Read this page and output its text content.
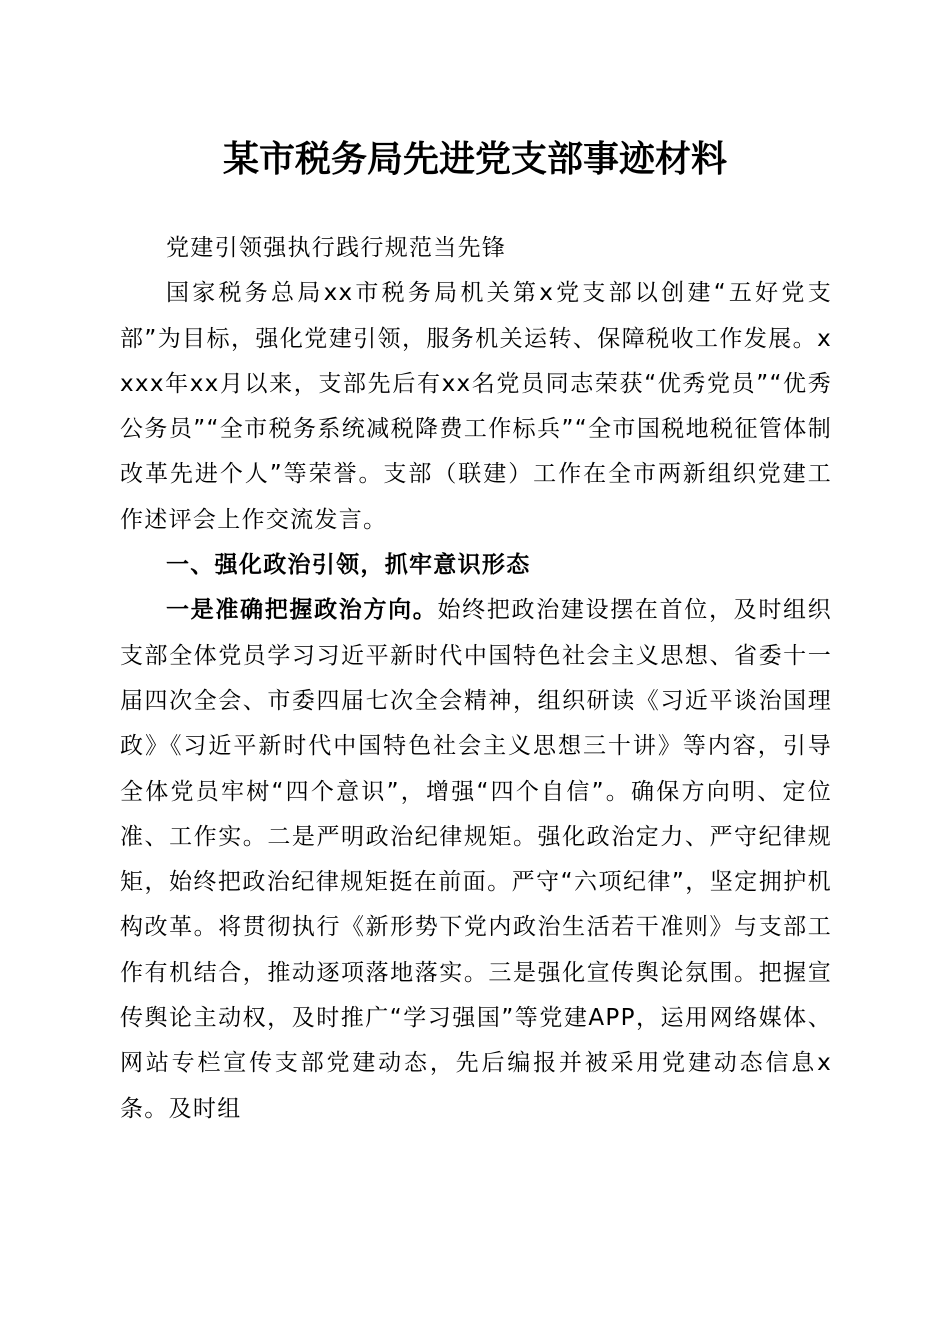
某市税务局先进党支部事迹材料

党建引领强执行践行规范当先锋

国家税务总局xx市税务局机关第x党支部以创建“五好党支部”为目标，强化党建引领，服务机关运转、保障税收工作发展。xxxx年xx月以来，支部先后有xx名党员同志荣获“优秀党员”“优秀公务员”“全市税务系统减税降费工作标兵”“全市国税地税征管体制改革先进个人”等荣誉。支部（联建）工作在全市两新组织党建工作述评会上作交流发言。

一、强化政治引领，抓牢意识形态

一是准确把握政治方向。始终把政治建设摆在首位，及时组织支部全体党员学习习近平新时代中国特色社会主义思想、省委十一届四次全会、市委四届七次全会精神，组织研读《习近平谈治国理政》《习近平新时代中国特色社会主义思想三十讲》等内容，引导全体党员牢树“四个意识”，增强“四个自信”。确保方向明、定位准、工作实。二是严明政治纪律规矩。强化政治定力、严守纪律规矩，始终把政治纪律规矩挺在前面。严守“六项纪律”，坚定拥护机构改革。将贯彻执行《新形势下党内政治生活若干准则》与支部工作有机结合，推动逐项落地落实。三是强化宣传舆论氛围。把握宣传舆论主动权，及时推广“学习强国”等党建APP，运用网络媒体、网站专栏宣传支部党建动态，先后编报并被采用党建动态信息x条。及时组
